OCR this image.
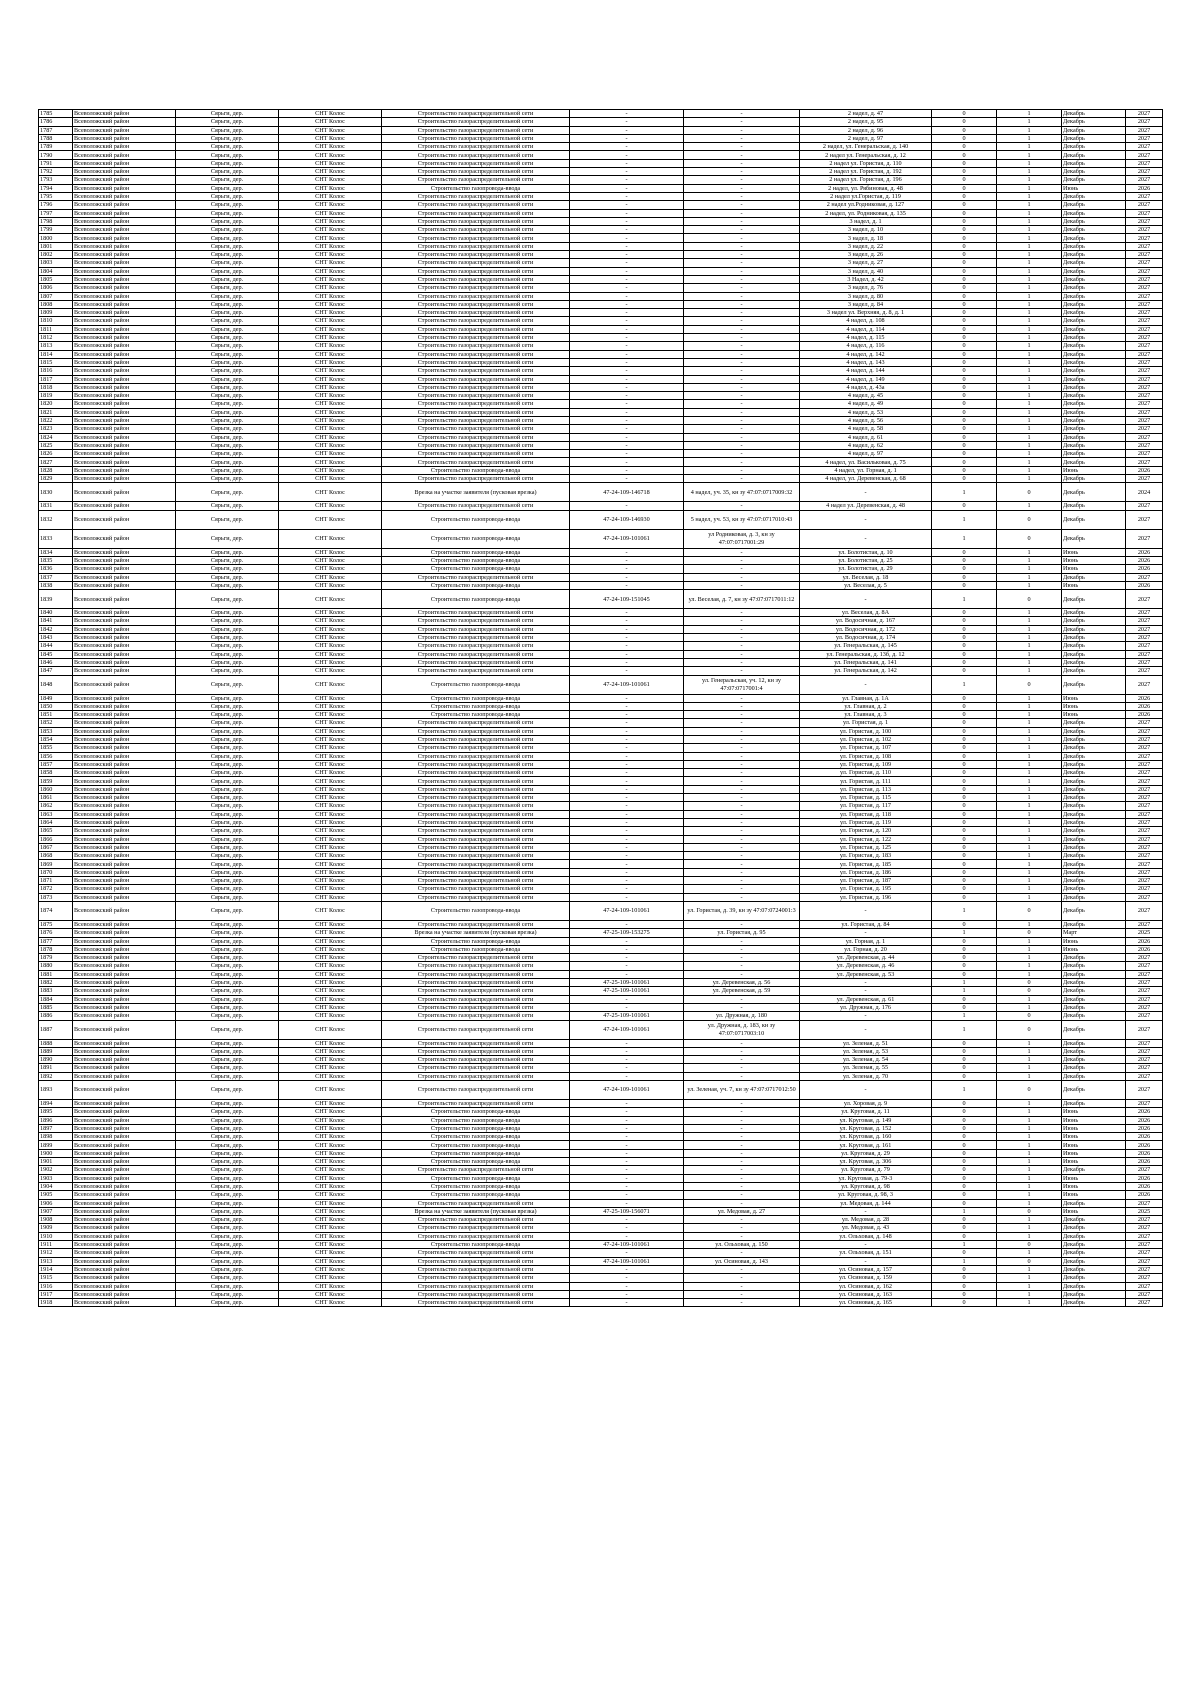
1785	Всеволожский район	Сярьги, дер.	СНТ Колос	Строительство газораспределительной сети	-	-	2 надел, д. 47	0	1	Декабрь	2027
1786	Всеволожский район	Сярьги, дер.	СНТ Колос	Строительство газораспределительной сети	-	-	2 надел, д. 95	0	1	Декабрь	2027
1787	Всеволожский район	Сярьги, дер.	СНТ Колос	Строительство газораспределительной сети	-	-	2 надел, д. 96	0	1	Декабрь	2027
1788	Всеволожский район	Сярьги, дер.	СНТ Колос	Строительство газораспределительной сети	-	-	2 надел, д. 97	0	1	Декабрь	2027
1789	Всеволожский район	Сярьги, дер.	СНТ Колос	Строительство газораспределительной сети	-	-	2 надел, ул. Генеральская, д. 140	0	1	Декабрь	2027
1790	Всеволожский район	Сярьги, дер.	СНТ Колос	Строительство газораспределительной сети	-	-	2 надел ул. Генеральская, д. 12	0	1	Декабрь	2027
1791	Всеволожский район	Сярьги, дер.	СНТ Колос	Строительство газораспределительной сети	-	-	2 надел ул. Гористая, д. 110	0	1	Декабрь	2027
1792	Всеволожский район	Сярьги, дер.	СНТ Колос	Строительство газораспределительной сети	-	-	2 надел ул. Гористая, д. 192	0	1	Декабрь	2027
1793	Всеволожский район	Сярьги, дер.	СНТ Колос	Строительство газораспределительной сети	-	-	2 надел ул. Гористая, д. 196	0	1	Декабрь	2027
1794	Всеволожский район	Сярьги, дер.	СНТ Колос	Строительство газопровода-ввода	-	-	2 надел, ул. Рябиновая, д. 48	0	1	Июнь	2026
1795	Всеволожский район	Сярьги, дер.	СНТ Колос	Строительство газораспределительной сети	-	-	2 надел ул.Гористая, д. 119	0	1	Декабрь	2027
1796	Всеволожский район	Сярьги, дер.	СНТ Колос	Строительство газораспределительной сети	-	-	2 надел ул.Родниковая, д. 127	0	1	Декабрь	2027
1797	Всеволожский район	Сярьги, дер.	СНТ Колос	Строительство газораспределительной сети	-	-	2 надел, ул. Родниковая, д. 135	0	1	Декабрь	2027
1798	Всеволожский район	Сярьги, дер.	СНТ Колос	Строительство газораспределительной сети	-	-	3 надел, д. 1	0	1	Декабрь	2027
1799	Всеволожский район	Сярьги, дер.	СНТ Колос	Строительство газораспределительной сети	-	-	3 надел, д. 10	0	1	Декабрь	2027
1800	Всеволожский район	Сярьги, дер.	СНТ Колос	Строительство газораспределительной сети	-	-	3 надел, д. 18	0	1	Декабрь	2027
1801	Всеволожский район	Сярьги, дер.	СНТ Колос	Строительство газораспределительной сети	-	-	3 надел, д. 22	0	1	Декабрь	2027
1802	Всеволожский район	Сярьги, дер.	СНТ Колос	Строительство газораспределительной сети	-	-	3 надел, д. 26	0	1	Декабрь	2027
1803	Всеволожский район	Сярьги, дер.	СНТ Колос	Строительство газораспределительной сети	-	-	3 надел, д. 27	0	1	Декабрь	2027
1804	Всеволожский район	Сярьги, дер.	СНТ Колос	Строительство газораспределительной сети	-	-	3 надел, д. 40	0	1	Декабрь	2027
1805	Всеволожский район	Сярьги, дер.	СНТ Колос	Строительство газораспределительной сети	-	-	3 Надел, д. 42	0	1	Декабрь	2027
1806	Всеволожский район	Сярьги, дер.	СНТ Колос	Строительство газораспределительной сети	-	-	3 надел, д. 76	0	1	Декабрь	2027
1807	Всеволожский район	Сярьги, дер.	СНТ Колос	Строительство газораспределительной сети	-	-	3 надел, д. 80	0	1	Декабрь	2027
1808	Всеволожский район	Сярьги, дер.	СНТ Колос	Строительство газораспределительной сети	-	-	3 надел, д. 84	0	1	Декабрь	2027
1809	Всеволожский район	Сярьги, дер.	СНТ Колос	Строительство газораспределительной сети	-	-	3 надел ул. Верхняя, д. 8, д. 1	0	1	Декабрь	2027
1810	Всеволожский район	Сярьги, дер.	СНТ Колос	Строительство газораспределительной сети	-	-	4 надел, д. 108	0	1	Декабрь	2027
1811	Всеволожский район	Сярьги, дер.	СНТ Колос	Строительство газораспределительной сети	-	-	4 надел, д. 114	0	1	Декабрь	2027
1812	Всеволожский район	Сярьги, дер.	СНТ Колос	Строительство газораспределительной сети	-	-	4 надел, д. 115	0	1	Декабрь	2027
1813	Всеволожский район	Сярьги, дер.	СНТ Колос	Строительство газораспределительной сети	-	-	4 надел, д. 116	0	1	Декабрь	2027
1814	Всеволожский район	Сярьги, дер.	СНТ Колос	Строительство газораспределительной сети	-	-	4 надел, д. 142	0	1	Декабрь	2027
1815	Всеволожский район	Сярьги, дер.	СНТ Колос	Строительство газораспределительной сети	-	-	4 надел, д. 143	0	1	Декабрь	2027
1816	Всеволожский район	Сярьги, дер.	СНТ Колос	Строительство газораспределительной сети	-	-	4 надел, д. 144	0	1	Декабрь	2027
1817	Всеволожский район	Сярьги, дер.	СНТ Колос	Строительство газораспределительной сети	-	-	4 надел, д. 149	0	1	Декабрь	2027
1818	Всеволожский район	Сярьги, дер.	СНТ Колос	Строительство газораспределительной сети	-	-	4 надел, д. 43а	0	1	Декабрь	2027
1819	Всеволожский район	Сярьги, дер.	СНТ Колос	Строительство газораспределительной сети	-	-	4 надел, д. 45	0	1	Декабрь	2027
1820	Всеволожский район	Сярьги, дер.	СНТ Колос	Строительство газораспределительной сети	-	-	4 надел, д. 49	0	1	Декабрь	2027
1821	Всеволожский район	Сярьги, дер.	СНТ Колос	Строительство газораспределительной сети	-	-	4 надел, д. 53	0	1	Декабрь	2027
1822	Всеволожский район	Сярьги, дер.	СНТ Колос	Строительство газораспределительной сети	-	-	4 надел, д. 56	0	1	Декабрь	2027
1823	Всеволожский район	Сярьги, дер.	СНТ Колос	Строительство газораспределительной сети	-	-	4 надел, д. 58	0	1	Декабрь	2027
1824	Всеволожский район	Сярьги, дер.	СНТ Колос	Строительство газораспределительной сети	-	-	4 надел, д. 61	0	1	Декабрь	2027
1825	Всеволожский район	Сярьги, дер.	СНТ Колос	Строительство газораспределительной сети	-	-	4 надел, д. 62	0	1	Декабрь	2027
1826	Всеволожский район	Сярьги, дер.	СНТ Колос	Строительство газораспределительной сети	-	-	4 надел, д. 97	0	1	Декабрь	2027
1827	Всеволожский район	Сярьги, дер.	СНТ Колос	Строительство газораспределительной сети	-	-	4 надел, ул. Васильковая, д. 75	0	1	Декабрь	2027
1828	Всеволожский район	Сярьги, дер.	СНТ Колос	Строительство газопровода-ввода	-	-	4 надел, ул. Горная, д. 1	0	1	Июнь	2026
1829	Всеволожский район	Сярьги, дер.	СНТ Колос	Строительство газораспределительной сети	-	-	4 надел, ул. Деревенская, д. 68	0	1	Декабрь	2027
1830	Всеволожский район	Сярьги, дер.	СНТ Колос	Врезка на участке заявителя (пусковая врезка)	47-24-109-146718	4 надел, уч. 35, кн зу 47:07:0717009:32	-	1	0	Декабрь	2024
1831	Всеволожский район	Сярьги, дер.	СНТ Колос	Строительство газораспределительной сети	-	-	4 надел ул. Деревенская, д. 48	0	1	Декабрь	2027
1832	Всеволожский район	Сярьги, дер.	СНТ Колос	Строительство газопровода-ввода	47-24-109-146930	5 надел, уч. 53, кн зу 47:07:0717010:43	-	1	0	Декабрь	2027
1833	Всеволожский район	Сярьги, дер.	СНТ Колос	Строительство газопровода-ввода	47-24-109-101061	ул Родниковая, д. 3, кн зу 47:07:0717001:29	-	1	0	Декабрь	2027
1834	Всеволожский район	Сярьги, дер.	СНТ Колос	Строительство газопровода-ввода	-	-	ул. Болотистая, д. 10	0	1	Июнь	2026
1835	Всеволожский район	Сярьги, дер.	СНТ Колос	Строительство газопровода-ввода	-	-	ул. Болотистая, д. 25	0	1	Июнь	2026
1836	Всеволожский район	Сярьги, дер.	СНТ Колос	Строительство газопровода-ввода	-	-	ул. Болотистая, д. 29	0	1	Июнь	2026
1837	Всеволожский район	Сярьги, дер.	СНТ Колос	Строительство газораспределительной сети	-	-	ул. Веселая, д. 18	0	1	Декабрь	2027
1838	Всеволожский район	Сярьги, дер.	СНТ Колос	Строительство газопровода-ввода	-	-	ул. Веселая, д. 5	0	1	Июнь	2026
1839	Всеволожский район	Сярьги, дер.	СНТ Колос	Строительство газопровода-ввода	47-24-109-151045	ул. Веселая, д. 7, кн зу 47:07:0717011:12	-	1	0	Декабрь	2027
1840	Всеволожский район	Сярьги, дер.	СНТ Колос	Строительство газораспределительной сети	-	-	ул. Веселая, д. 8А	0	1	Декабрь	2027
1841	Всеволожский район	Сярьги, дер.	СНТ Колос	Строительство газораспределительной сети	-	-	ул. Водосичная, д. 167	0	1	Декабрь	2027
1842	Всеволожский район	Сярьги, дер.	СНТ Колос	Строительство газораспределительной сети	-	-	ул. Водосичная, д. 172	0	1	Декабрь	2027
1843	Всеволожский район	Сярьги, дер.	СНТ Колос	Строительство газораспределительной сети	-	-	ул. Водосичная, д. 174	0	1	Декабрь	2027
1844	Всеволожский район	Сярьги, дер.	СНТ Колос	Строительство газораспределительной сети	-	-	ул. Генеральская, д. 145	0	1	Декабрь	2027
1845	Всеволожский район	Сярьги, дер.	СНТ Колос	Строительство газораспределительной сети	-	-	ул. Генеральская, д. 13б, д. 12	0	1	Декабрь	2027
1846	Всеволожский район	Сярьги, дер.	СНТ Колос	Строительство газораспределительной сети	-	-	ул. Генеральская, д. 141	0	1	Декабрь	2027
1847	Всеволожский район	Сярьги, дер.	СНТ Колос	Строительство газораспределительной сети	-	-	ул. Генеральская, д. 142	0	1	Декабрь	2027
1848	Всеволожский район	Сярьги, дер.	СНТ Колос	Строительство газопровода-ввода	47-24-109-101061	ул. Генеральская, уч. 12, кн зу 47:07:0717001:4	-	1	0	Декабрь	2027
1849	Всеволожский район	Сярьги, дер.	СНТ Колос	Строительство газопровода-ввода	-	-	ул. Главная, д. 1А	0	1	Июнь	2026
1850	Всеволожский район	Сярьги, дер.	СНТ Колос	Строительство газопровода-ввода	-	-	ул. Главная, д. 2	0	1	Июнь	2026
1851	Всеволожский район	Сярьги, дер.	СНТ Колос	Строительство газопровода-ввода	-	-	ул. Главная, д. 3	0	1	Июнь	2026
1852	Всеволожский район	Сярьги, дер.	СНТ Колос	Строительство газораспределительной сети	-	-	ул. Гористая, д. 1	0	1	Декабрь	2027
1853	Всеволожский район	Сярьги, дер.	СНТ Колос	Строительство газораспределительной сети	-	-	ул. Гористая, д. 100	0	1	Декабрь	2027
1854	Всеволожский район	Сярьги, дер.	СНТ Колос	Строительство газораспределительной сети	-	-	ул. Гористая, д. 102	0	1	Декабрь	2027
1855	Всеволожский район	Сярьги, дер.	СНТ Колос	Строительство газораспределительной сети	-	-	ул. Гористая, д. 107	0	1	Декабрь	2027
1856	Всеволожский район	Сярьги, дер.	СНТ Колос	Строительство газораспределительной сети	-	-	ул. Гористая, д. 108	0	1	Декабрь	2027
1857	Всеволожский район	Сярьги, дер.	СНТ Колос	Строительство газораспределительной сети	-	-	ул. Гористая, д. 109	0	1	Декабрь	2027
1858	Всеволожский район	Сярьги, дер.	СНТ Колос	Строительство газораспределительной сети	-	-	ул. Гористая, д. 110	0	1	Декабрь	2027
1859	Всеволожский район	Сярьги, дер.	СНТ Колос	Строительство газораспределительной сети	-	-	ул. Гористая, д. 111	0	1	Декабрь	2027
1860	Всеволожский район	Сярьги, дер.	СНТ Колос	Строительство газораспределительной сети	-	-	ул. Гористая, д. 113	0	1	Декабрь	2027
1861	Всеволожский район	Сярьги, дер.	СНТ Колос	Строительство газораспределительной сети	-	-	ул. Гористая, д. 115	0	1	Декабрь	2027
1862	Всеволожский район	Сярьги, дер.	СНТ Колос	Строительство газораспределительной сети	-	-	ул. Гористая, д. 117	0	1	Декабрь	2027
1863	Всеволожский район	Сярьги, дер.	СНТ Колос	Строительство газораспределительной сети	-	-	ул. Гористая, д. 118	0	1	Декабрь	2027
1864	Всеволожский район	Сярьги, дер.	СНТ Колос	Строительство газораспределительной сети	-	-	ул. Гористая, д. 119	0	1	Декабрь	2027
1865	Всеволожский район	Сярьги, дер.	СНТ Колос	Строительство газораспределительной сети	-	-	ул. Гористая, д. 120	0	1	Декабрь	2027
1866	Всеволожский район	Сярьги, дер.	СНТ Колос	Строительство газораспределительной сети	-	-	ул. Гористая, д. 122	0	1	Декабрь	2027
1867	Всеволожский район	Сярьги, дер.	СНТ Колос	Строительство газораспределительной сети	-	-	ул. Гористая, д. 125	0	1	Декабрь	2027
1868	Всеволожский район	Сярьги, дер.	СНТ Колос	Строительство газораспределительной сети	-	-	ул. Гористая, д. 183	0	1	Декабрь	2027
1869	Всеволожский район	Сярьги, дер.	СНТ Колос	Строительство газораспределительной сети	-	-	ул. Гористая, д. 185	0	1	Декабрь	2027
1870	Всеволожский район	Сярьги, дер.	СНТ Колос	Строительство газораспределительной сети	-	-	ул. Гористая, д. 186	0	1	Декабрь	2027
1871	Всеволожский район	Сярьги, дер.	СНТ Колос	Строительство газораспределительной сети	-	-	ул. Гористая, д. 187	0	1	Декабрь	2027
1872	Всеволожский район	Сярьги, дер.	СНТ Колос	Строительство газораспределительной сети	-	-	ул. Гористая, д. 195	0	1	Декабрь	2027
1873	Всеволожский район	Сярьги, дер.	СНТ Колос	Строительство газораспределительной сети	-	-	ул. Гористая, д. 196	0	1	Декабрь	2027
1874	Всеволожский район	Сярьги, дер.	СНТ Колос	Строительство газопровода-ввода	47-24-109-101061	ул. Гористая, д. 39, кн зу 47:07:0724001:3	-	1	0	Декабрь	2027
1875	Всеволожский район	Сярьги, дер.	СНТ Колос	Строительство газораспределительной сети	-	-	ул. Гористая, д. 84	0	1	Декабрь	2027
1876	Всеволожский район	Сярьги, дер.	СНТ Колос	Врезка на участке заявителя (пусковая врезка)	47-25-109-153275	ул. Гористая, д. 95	-	1	0	Март	2025
1877	Всеволожский район	Сярьги, дер.	СНТ Колос	Строительство газопровода-ввода	-	-	ул. Горная, д. 1	0	1	Июнь	2026
1878	Всеволожский район	Сярьги, дер.	СНТ Колос	Строительство газопровода-ввода	-	-	ул. Горная, д. 20	0	1	Июнь	2026
1879	Всеволожский район	Сярьги, дер.	СНТ Колос	Строительство газораспределительной сети	-	-	ул. Деревенская, д. 44	0	1	Декабрь	2027
1880	Всеволожский район	Сярьги, дер.	СНТ Колос	Строительство газораспределительной сети	-	-	ул. Деревенская, д. 46	0	1	Декабрь	2027
1881	Всеволожский район	Сярьги, дер.	СНТ Колос	Строительство газораспределительной сети	-	-	ул. Деревенская, д. 53	0	1	Декабрь	2027
1882	Всеволожский район	Сярьги, дер.	СНТ Колос	Строительство газораспределительной сети	47-25-109-101061	ул. Деревенская, д. 56	-	1	0	Декабрь	2027
1883	Всеволожский район	Сярьги, дер.	СНТ Колос	Строительство газораспределительной сети	47-25-109-101061	ул. Деревенская, д. 59	-	1	0	Декабрь	2027
1884	Всеволожский район	Сярьги, дер.	СНТ Колос	Строительство газораспределительной сети	-	-	ул. Деревенская, д. 61	0	1	Декабрь	2027
1885	Всеволожский район	Сярьги, дер.	СНТ Колос	Строительство газораспределительной сети	-	-	ул. Дружная, д. 176	0	1	Декабрь	2027
1886	Всеволожский район	Сярьги, дер.	СНТ Колос	Строительство газораспределительной сети	47-25-109-101061	ул. Дружная, д. 180	-	1	0	Декабрь	2027
1887	Всеволожский район	Сярьги, дер.	СНТ Колос	Строительство газораспределительной сети	47-24-109-101061	ул. Дружная, д. 183, кн зу 47:07:0717003:10	-	1	0	Декабрь	2027
1888	Всеволожский район	Сярьги, дер.	СНТ Колос	Строительство газораспределительной сети	-	-	ул. Зеленая, д. 51	0	1	Декабрь	2027
1889	Всеволожский район	Сярьги, дер.	СНТ Колос	Строительство газораспределительной сети	-	-	ул. Зеленая, д. 53	0	1	Декабрь	2027
1890	Всеволожский район	Сярьги, дер.	СНТ Колос	Строительство газораспределительной сети	-	-	ул. Зеленая, д. 54	0	1	Декабрь	2027
1891	Всеволожский район	Сярьги, дер.	СНТ Колос	Строительство газораспределительной сети	-	-	ул. Зеленая, д. 55	0	1	Декабрь	2027
1892	Всеволожский район	Сярьги, дер.	СНТ Колос	Строительство газораспределительной сети	-	-	ул. Зеленая, д. 70	0	1	Декабрь	2027
1893	Всеволожский район	Сярьги, дер.	СНТ Колос	Строительство газораспределительной сети	47-24-109-101061	ул. Зеленая, уч. 7, кн зу 47:07:0717012:50	-	1	0	Декабрь	2027
1894	Всеволожский район	Сярьги, дер.	СНТ Колос	Строительство газораспределительной сети	-	-	ул. Хоровая, д. 9	0	1	Декабрь	2027
1895	Всеволожский район	Сярьги, дер.	СНТ Колос	Строительство газопровода-ввода	-	-	ул. Круговая, д. 11	0	1	Июнь	2026
1896	Всеволожский район	Сярьги, дер.	СНТ Колос	Строительство газопровода-ввода	-	-	ул. Круговая, д. 149	0	1	Июнь	2026
1897	Всеволожский район	Сярьги, дер.	СНТ Колос	Строительство газопровода-ввода	-	-	ул. Круговая, д. 152	0	1	Июнь	2026
1898	Всеволожский район	Сярьги, дер.	СНТ Колос	Строительство газопровода-ввода	-	-	ул. Круговая, д. 160	0	1	Июнь	2026
1899	Всеволожский район	Сярьги, дер.	СНТ Колос	Строительство газопровода-ввода	-	-	ул. Круговая, д. 161	0	1	Июнь	2026
1900	Всеволожский район	Сярьги, дер.	СНТ Колос	Строительство газопровода-ввода	-	-	ул. Круговая, д. 29	0	1	Июнь	2026
1901	Всеволожский район	Сярьги, дер.	СНТ Колос	Строительство газопровода-ввода	-	-	ул. Круговая, д. 306	0	1	Июнь	2026
1902	Всеволожский район	Сярьги, дер.	СНТ Колос	Строительство газораспределительной сети	-	-	ул. Круговая, д. 79	0	1	Декабрь	2027
1903	Всеволожский район	Сярьги, дер.	СНТ Колос	Строительство газопровода-ввода	-	-	ул. Круговая, д. 79-3	0	1	Июнь	2026
1904	Всеволожский район	Сярьги, дер.	СНТ Колос	Строительство газопровода-ввода	-	-	ул. Круговая, д. 98	0	1	Июнь	2026
1905	Всеволожский район	Сярьги, дер.	СНТ Колос	Строительство газопровода-ввода	-	-	ул. Круговая, д. 98, 3	0	1	Июнь	2026
1906	Всеволожский район	Сярьги, дер.	СНТ Колос	Строительство газораспределительной сети	-	-	ул. Медовая, д. 144	0	1	Декабрь	2027
1907	Всеволожский район	Сярьги, дер.	СНТ Колос	Врезка на участке заявителя (пусковая врезка)	47-25-109-156071	ул. Медовая, д. 27	-	1	0	Июнь	2025
1908	Всеволожский район	Сярьги, дер.	СНТ Колос	Строительство газораспределительной сети	-	-	ул. Медовая, д. 28	0	1	Декабрь	2027
1909	Всеволожский район	Сярьги, дер.	СНТ Колос	Строительство газораспределительной сети	-	-	ул. Медовая, д. 43	0	1	Декабрь	2027
1910	Всеволожский район	Сярьги, дер.	СНТ Колос	Строительство газораспределительной сети	-	-	ул. Ольховая, д. 148	0	1	Декабрь	2027
1911	Всеволожский район	Сярьги, дер.	СНТ Колос	Строительство газопровода-ввода	47-24-109-101061	ул. Ольховая, д. 150	-	1	0	Декабрь	2027
1912	Всеволожский район	Сярьги, дер.	СНТ Колос	Строительство газораспределительной сети	-	-	ул. Ольховая, д. 151	0	1	Декабрь	2027
1913	Всеволожский район	Сярьги, дер.	СНТ Колос	Строительство газораспределительной сети	47-24-109-101061	ул. Осиновая, д. 143	-	1	0	Декабрь	2027
1914	Всеволожский район	Сярьги, дер.	СНТ Колос	Строительство газораспределительной сети	-	-	ул. Осиновая, д. 157	0	1	Декабрь	2027
1915	Всеволожский район	Сярьги, дер.	СНТ Колос	Строительство газораспределительной сети	-	-	ул. Осиновая, д. 159	0	1	Декабрь	2027
1916	Всеволожский район	Сярьги, дер.	СНТ Колос	Строительство газораспределительной сети	-	-	ул. Осиновая, д. 162	0	1	Декабрь	2027
1917	Всеволожский район	Сярьги, дер.	СНТ Колос	Строительство газораспределительной сети	-	-	ул. Осиновая, д. 163	0	1	Декабрь	2027
1918	Всеволожский район	Сярьги, дер.	СНТ Колос	Строительство газораспределительной сети	-	-	ул. Осиновая, д. 165	0	1	Декабрь	2027
